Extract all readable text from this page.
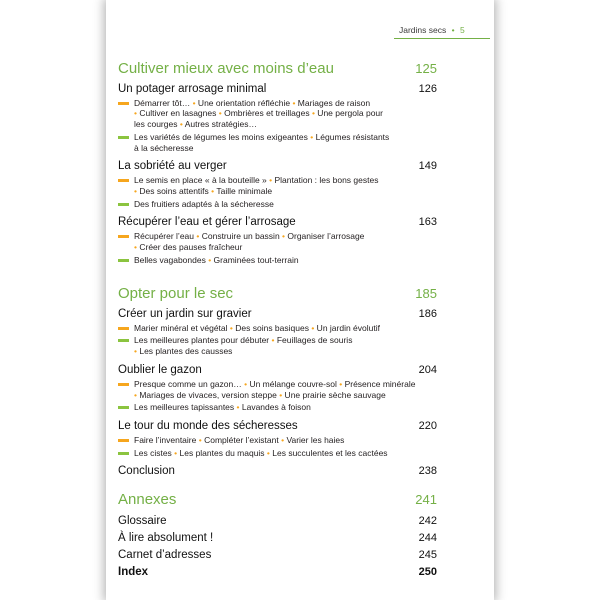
Jardins secs • 5
Cultiver mieux avec moins d’eau	125
Un potager arrosage minimal	126
Démarrer tôt… • Une orientation réfléchie • Mariages de raison
• Cultiver en lasagnes • Ombrières et treillages • Une pergola pour
les courges • Autres stratégies…
Les variétés de légumes les moins exigeantes • Légumes résistants
à la sécheresse
La sobriété au verger	149
Le semis en place « à la bouteille » • Plantation : les bons gestes
• Des soins attentifs • Taille minimale
Des fruitiers adaptés à la sécheresse
Récupérer l’eau et gérer l’arrosage	163
Récupérer l’eau • Construire un bassin • Organiser l’arrosage
• Créer des pauses fraîcheur
Belles vagabondes • Graminées tout-terrain
Opter pour le sec	185
Créer un jardin sur gravier	186
Marier minéral et végétal • Des soins basiques • Un jardin évolutif
Les meilleures plantes pour débuter • Feuillages de souris
• Les plantes des causses
Oublier le gazon	204
Presque comme un gazon… • Un mélange couvre-sol • Présence minérale
• Mariages de vivaces, version steppe • Une prairie sèche sauvage
Les meilleures tapissantes • Lavandes à foison
Le tour du monde des sécheresses	220
Faire l’inventaire • Compléter l’existant • Varier les haies
Les cistes • Les plantes du maquis • Les succulentes et les cactées
Conclusion	238
Annexes	241
Glossaire	242
À lire absolument !	244
Carnet d’adresses	245
Index	250
